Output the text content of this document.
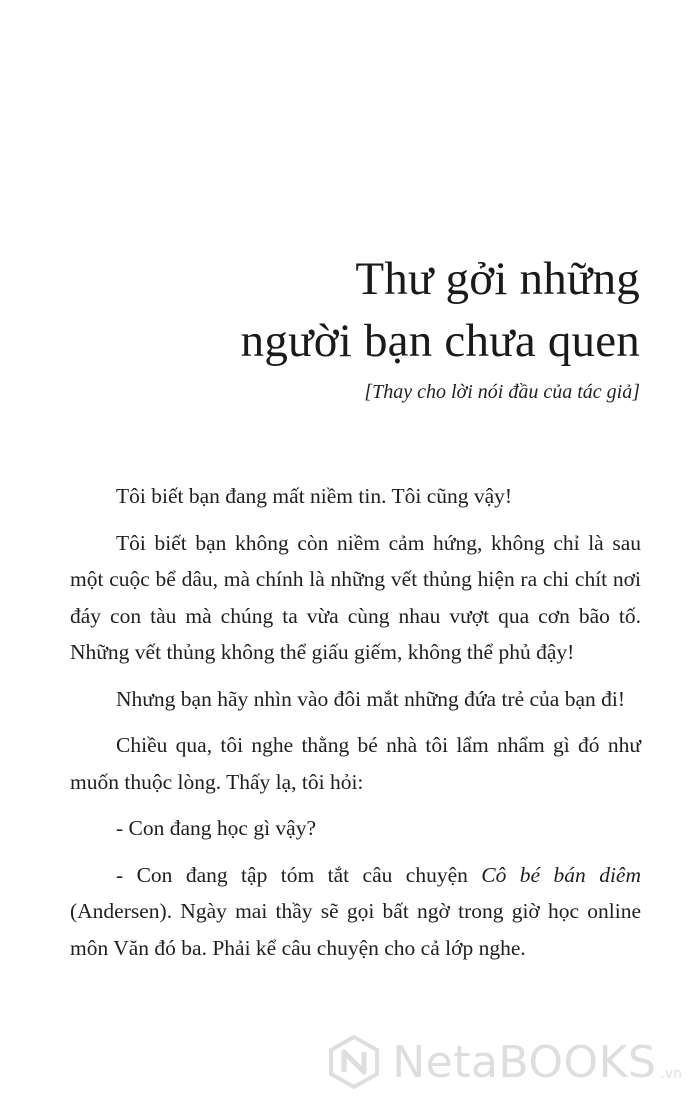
Thư gởi những
người bạn chưa quen
[Thay cho lời nói đầu của tác giả]

Tôi biết bạn đang mất niềm tin. Tôi cũng vậy!

Tôi biết bạn không còn niềm cảm hứng, không chỉ là sau một cuộc bể dâu, mà chính là những vết thủng hiện ra chi chít nơi đáy con tàu mà chúng ta vừa cùng nhau vượt qua cơn bão tố. Những vết thủng không thể giấu giếm, không thể phủ đậy!

Nhưng bạn hãy nhìn vào đôi mắt những đứa trẻ của bạn đi!

Chiều qua, tôi nghe thằng bé nhà tôi lẩm nhẩm gì đó như muốn thuộc lòng. Thấy lạ, tôi hỏi:

- Con đang học gì vậy?

- Con đang tập tóm tắt câu chuyện Cô bé bán diêm (Andersen). Ngày mai thầy sẽ gọi bất ngờ trong giờ học online môn Văn đó ba. Phải kể câu chuyện cho cả lớp nghe.

NetaBOOKS .vn
